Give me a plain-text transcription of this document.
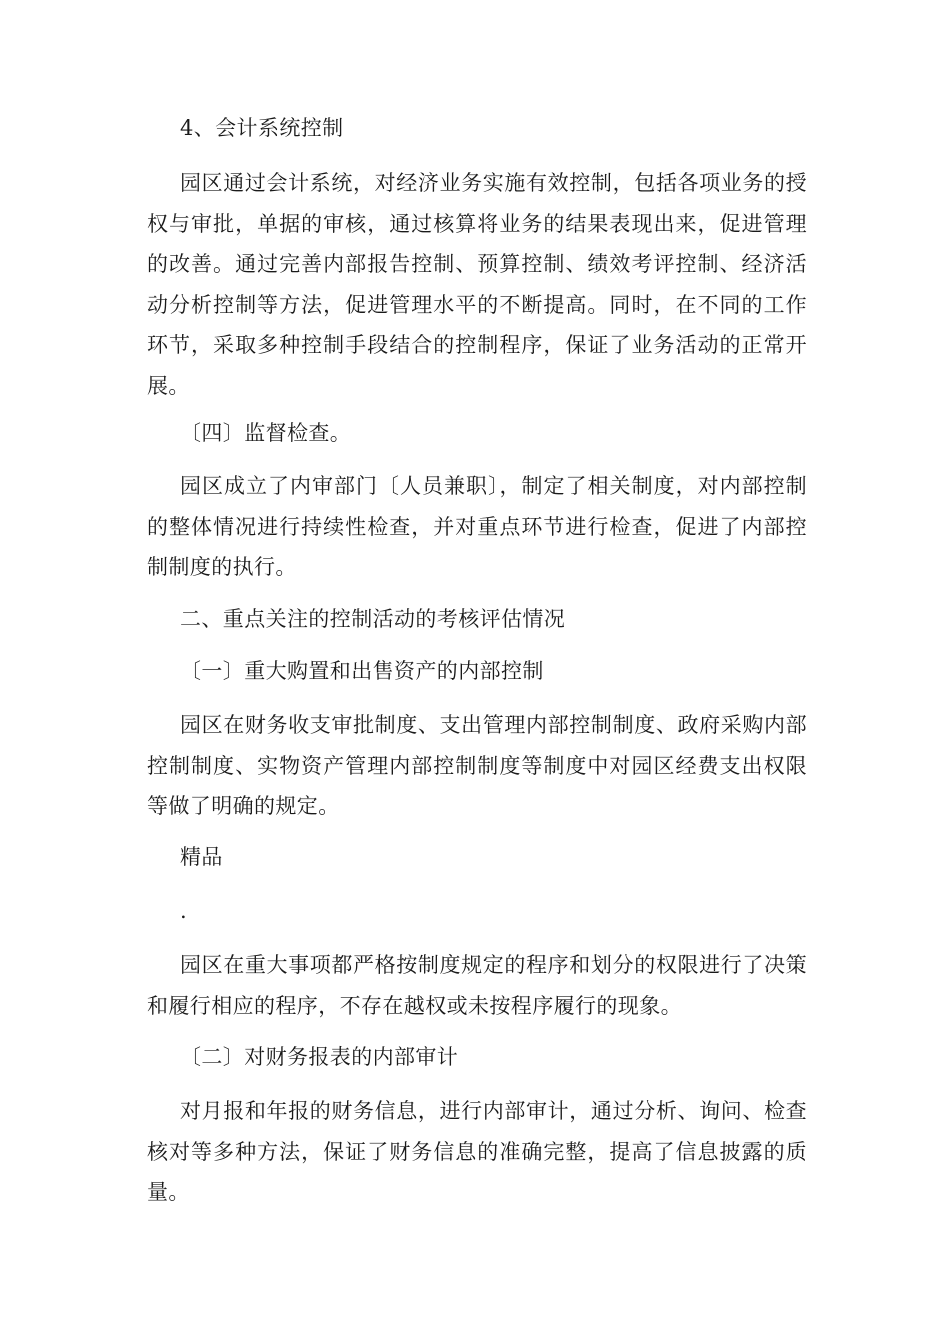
4、会计系统控制
园区通过会计系统，对经济业务实施有效控制，包括各项业务的授权与审批，单据的审核，通过核算将业务的结果表现出来，促进管理的改善。通过完善内部报告控制、预算控制、绩效考评控制、经济活动分析控制等方法，促进管理水平的不断提高。同时，在不同的工作环节，采取多种控制手段结合的控制程序，保证了业务活动的正常开展。
〔四〕监督检查。
园区成立了内审部门〔人员兼职〕，制定了相关制度，对内部控制的整体情况进行持续性检查，并对重点环节进行检查，促进了内部控制制度的执行。
二、重点关注的控制活动的考核评估情况
〔一〕重大购置和出售资产的内部控制
园区在财务收支审批制度、支出管理内部控制制度、政府采购内部控制制度、实物资产管理内部控制制度等制度中对园区经费支出权限等做了明确的规定。
精品
.
园区在重大事项都严格按制度规定的程序和划分的权限进行了决策和履行相应的程序，不存在越权或未按程序履行的现象。
〔二〕对财务报表的内部审计
对月报和年报的财务信息，进行内部审计，通过分析、询问、检查核对等多种方法，保证了财务信息的准确完整，提高了信息披露的质量。
